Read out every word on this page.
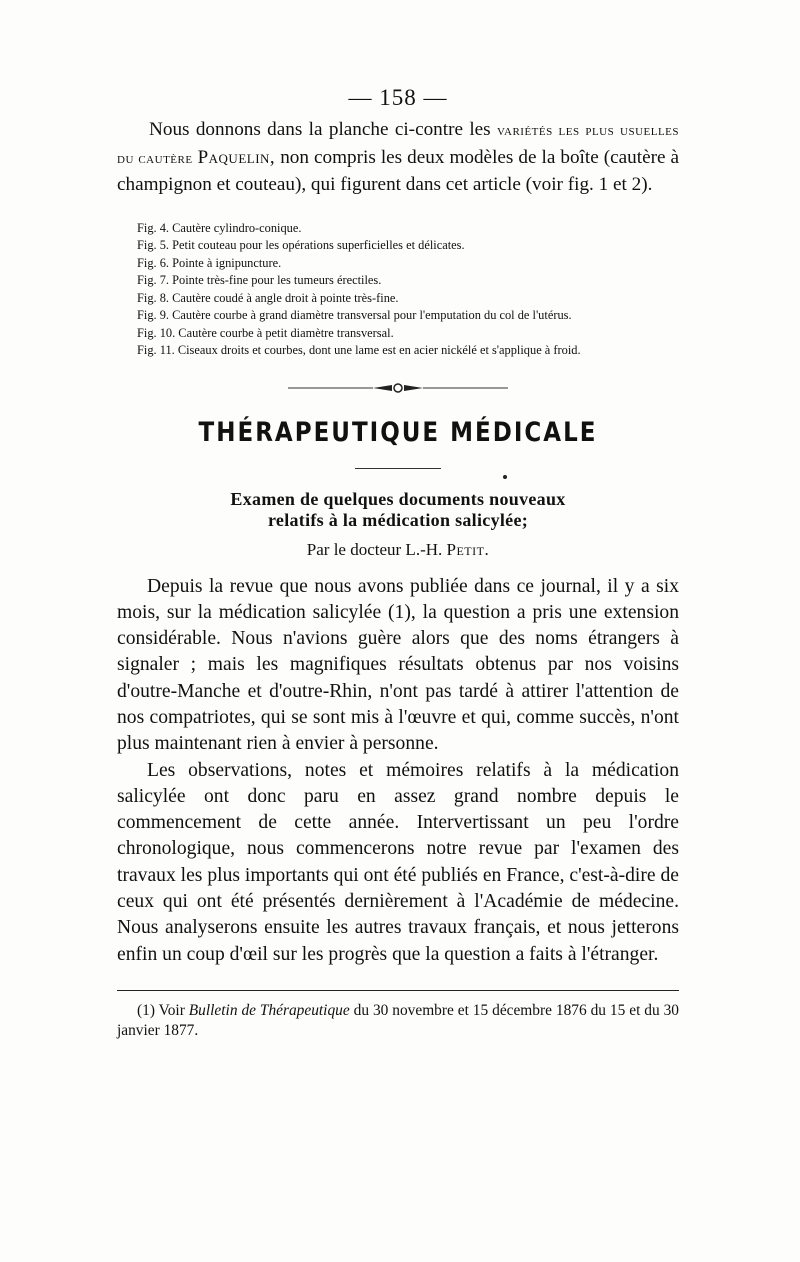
— 158 —

Nous donnons dans la planche ci-contre les variétés les plus usuelles du cautère Paquelin, non compris les deux modèles de la boîte (cautère à champignon et couteau), qui figurent dans cet article (voir fig. 1 et 2).

Fig. 4. Cautère cylindro-conique.

Fig. 5. Petit couteau pour les opérations superficielles et délicates.

Fig. 6. Pointe à ignipuncture.

Fig. 7. Pointe très-fine pour les tumeurs érectiles.

Fig. 8. Cautère coudé à angle droit à pointe très-fine.

Fig. 9. Cautère courbe à grand diamètre transversal pour l'emputation du col de l'utérus.

Fig. 10. Cautère courbe à petit diamètre transversal.

Fig. 11. Ciseaux droits et courbes, dont une lame est en acier nickélé et s'applique à froid.

THÉRAPEUTIQUE MÉDICALE
Examen de quelques documents nouveaux
relatifs à la médication salicylée;
Par le docteur L.-H. Petit.

Depuis la revue que nous avons publiée dans ce journal, il y a six mois, sur la médication salicylée (1), la question a pris une extension considérable. Nous n'avions guère alors que des noms étrangers à signaler ; mais les magnifiques résultats obtenus par nos voisins d'outre-Manche et d'outre-Rhin, n'ont pas tardé à attirer l'attention de nos compatriotes, qui se sont mis à l'œuvre et qui, comme succès, n'ont plus maintenant rien à envier à personne.

Les observations, notes et mémoires relatifs à la médication salicylée ont donc paru en assez grand nombre depuis le commencement de cette année. Intervertissant un peu l'ordre chronologique, nous commencerons notre revue par l'examen des travaux les plus importants qui ont été publiés en France, c'est-à-dire de ceux qui ont été présentés dernièrement à l'Académie de médecine. Nous analyserons ensuite les autres travaux français, et nous jetterons enfin un coup d'œil sur les progrès que la question a faits à l'étranger.

(1) Voir Bulletin de Thérapeutique du 30 novembre et 15 décembre 1876 du 15 et du 30 janvier 1877.
